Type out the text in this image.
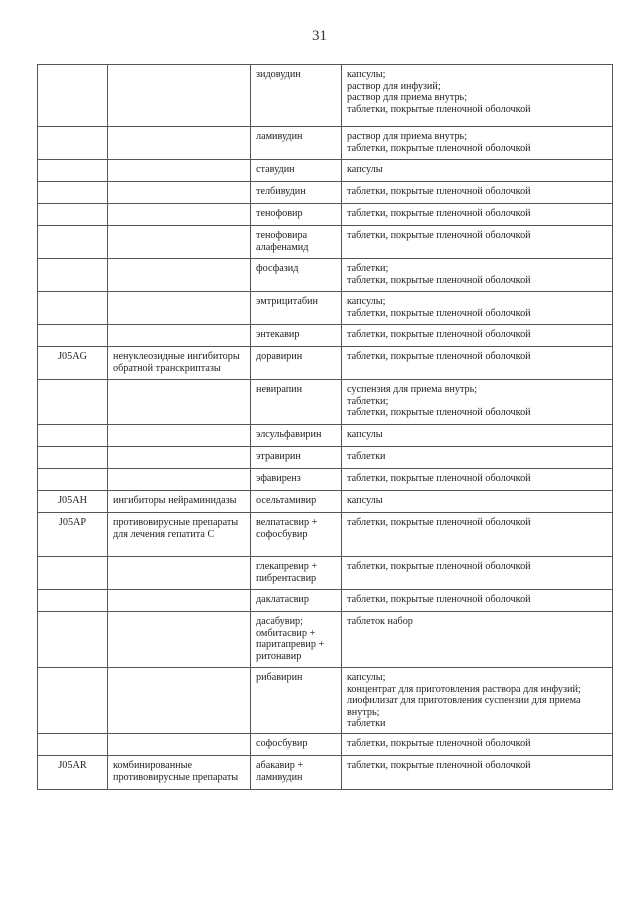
31
		зидовудин	капсулы;
раствор для инфузий;
раствор для приема внутрь;
таблетки, покрытые пленочной оболочкой

		ламивудин	раствор для приема внутрь;
таблетки, покрытые пленочной оболочкой

		ставудин	капсулы

		телбивудин	таблетки, покрытые пленочной оболочкой

		тенофовир	таблетки, покрытые пленочной оболочкой

		тенофовира алафенамид	таблетки, покрытые пленочной оболочкой

		фосфазид	таблетки;
таблетки, покрытые пленочной оболочкой

		эмтрицитабин	капсулы;
таблетки, покрытые пленочной оболочкой

		энтекавир	таблетки, покрытые пленочной оболочкой

J05AG	ненуклеозидные ингибиторы обратной транскриптазы	доравирин	таблетки, покрытые пленочной оболочкой

		невирапин	суспензия для приема внутрь;
таблетки;
таблетки, покрытые пленочной оболочкой

		элсульфавирин	капсулы

		этравирин	таблетки

		эфавиренз	таблетки, покрытые пленочной оболочкой

J05AH	ингибиторы нейраминидазы	осельтамивир	капсулы

J05AP	противовирусные препараты для лечения гепатита С	велпатасвир + софосбувир	таблетки, покрытые пленочной оболочкой

		глекапревир + пибрентасвир	таблетки, покрытые пленочной оболочкой

		даклатасвир	таблетки, покрытые пленочной оболочкой

		дасабувир; омбитасвир + паритапревир + ритонавир	таблеток набор

		рибавирин	капсулы;
концентрат для приготовления раствора для инфузий;
лиофилизат для приготовления суспензии для приема внутрь;
таблетки

		софосбувир	таблетки, покрытые пленочной оболочкой

J05AR	комбинированные противовирусные препараты	абакавир + ламивудин	таблетки, покрытые пленочной оболочкой
